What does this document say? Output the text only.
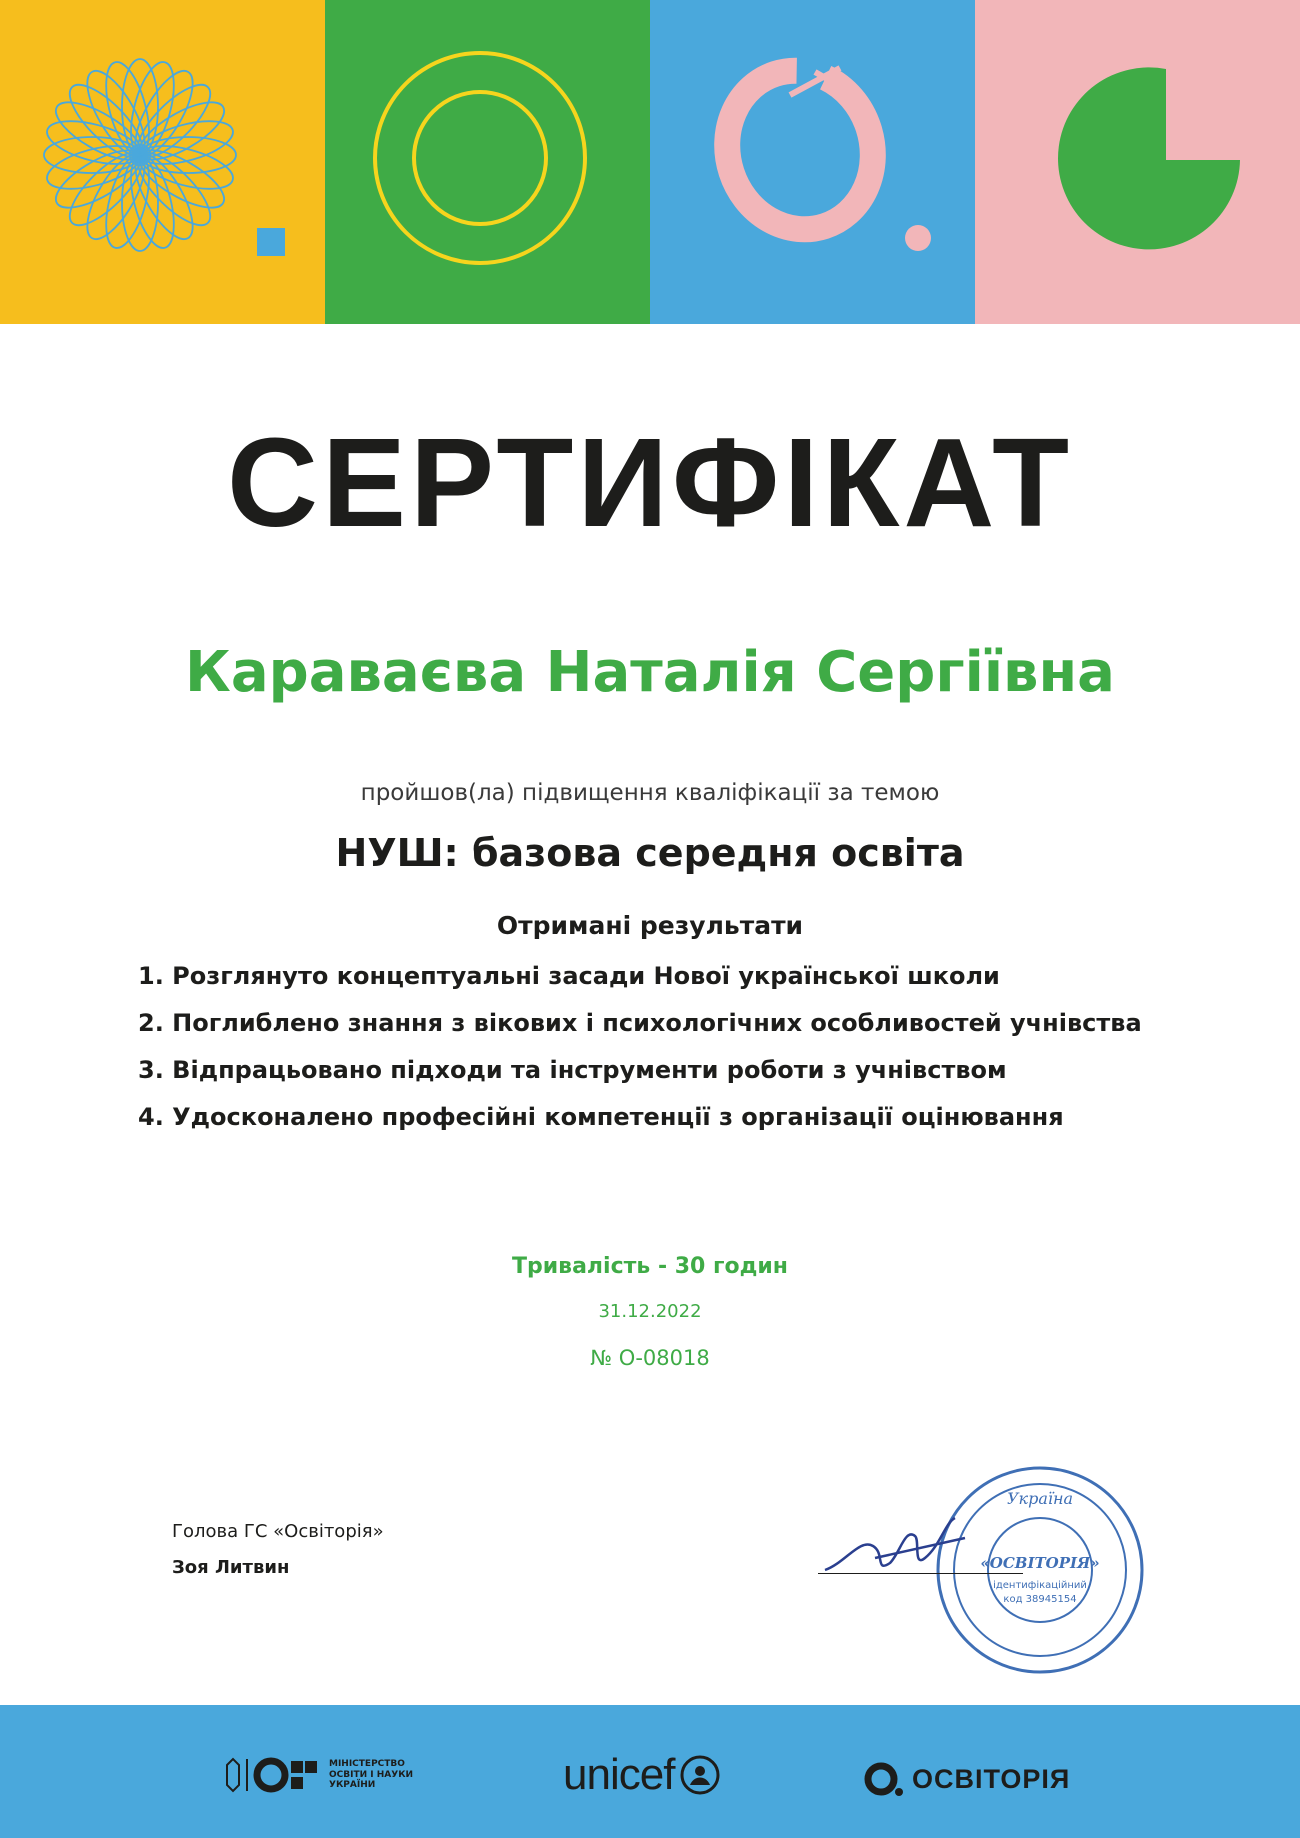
СЕРТИФІКАТ
Караваєва Наталія Сергіївна
пройшов(ла) підвищення кваліфікації за темою
НУШ: базова середня освіта
Отримані результати
1. Розглянуто концептуальні засади Нової української школи
2. Поглиблено знання з вікових і психологічних особливостей учнівства
3. Відпрацьовано підходи та інструменти роботи з учнівством
4. Удосконалено професійні компетенції з організації оцінювання
Тривалість - 30 годин
31.12.2022
№ О-08018
Голова ГС «Освіторія»
Зоя Литвин
Україна
«ОСВІТОРІЯ»
ідентифікаційний
код 38945154
МІНІСТЕРСТВО ОСВІТИ І НАУКИ УКРАЇНИ	unicef	ОСВІТОРІЯ
